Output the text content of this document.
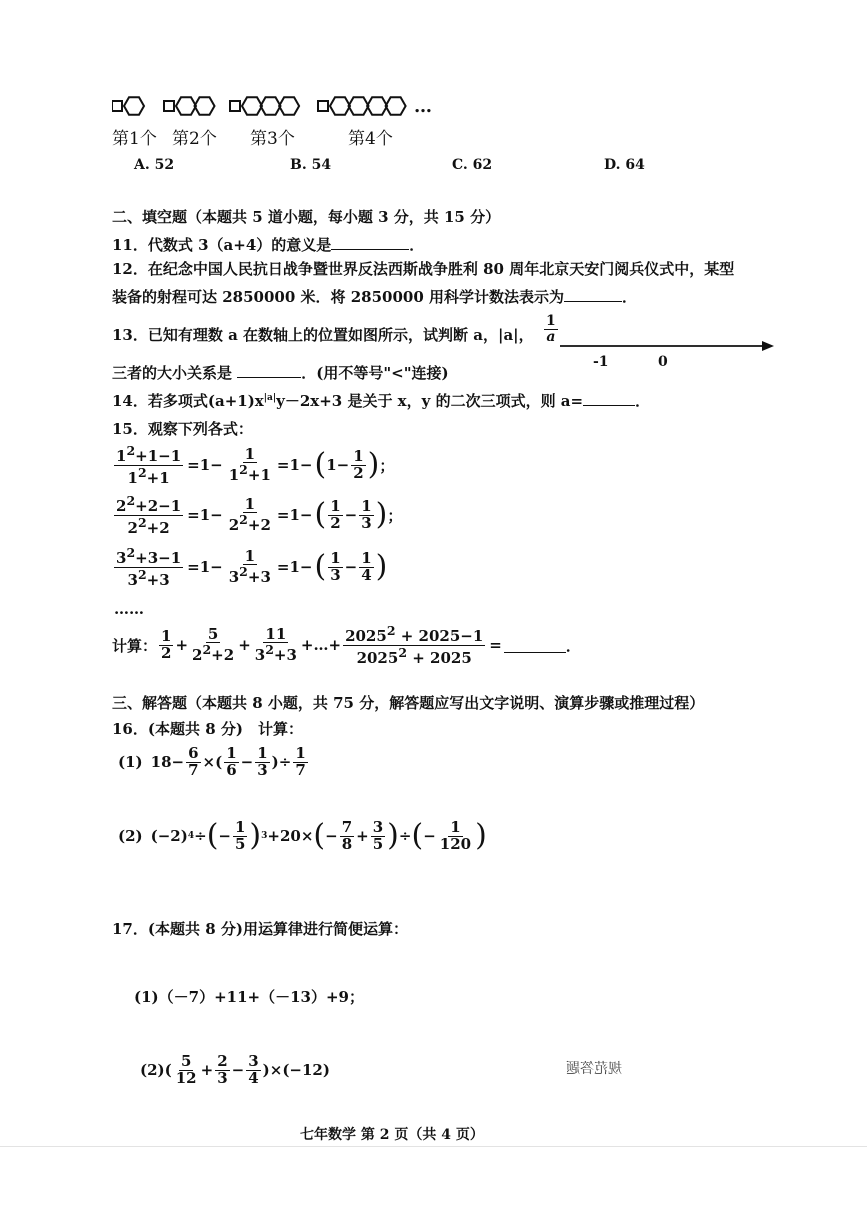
…
第1个 第2个 第3个	第4个
A. 52	B. 54	C. 62	D. 64
二、填空题（本题共 5 道小题，每小题 3 分，共 15 分）
11．代数式 3（a+4）的意义是	．
12．在纪念中国人民抗日战争暨世界反法西斯战争胜利 80 周年北京天安门阅兵仪式中，某型
装备的射程可达 2850000 米．将 2850000 用科学计数法表示为	．
13．已知有理数 a 在数轴上的位置如图所示，试判断 a，|a|， $\frac{1}{a}$
-1	0
三者的大小关系是	．(用不等号"<"连接)
14．若多项式$(a+1)x^{|a|}y-2x+3$ 是关于 x，y 的二次三项式，则 a=	．
15．观察下列各式：
$\frac{1^2+1-1}{1^2+1} =1- \frac{1}{1^2+1} =1-$ ( $1- \frac{1}{2}$ ) ；
$\frac{2^2+2-1}{2^2+2} =1- \frac{1}{2^2+2} =1-$ ( $\frac{1}{2} - \frac{1}{3}$ ) ；
$\frac{3^2+3-1}{3^2+3} =1- \frac{1}{3^2+3} =1-$ ( $\frac{1}{3} - \frac{1}{4}$ )
……
计算： $\frac{1}{2} + \frac{5}{2^2+2} + \frac{11}{3^2+3}$ +…+ $\frac{2025^2 + 2025-1}{2025^2 + 2025}$ =	．
三、解答题（本题共 8 小题，共 75 分，解答题应写出文字说明、演算步骤或推理过程）
16．(本题共 8 分)　计算：
(1) $18- \frac{6}{7}$ ×( $\frac{1}{6} - \frac{1}{3}$ )÷ $\frac{1}{7}$
(2) (−2) 4 ÷ ( − $\frac{1}{5}$ ) 3 +20× ( − $\frac{7}{8} + \frac{3}{5}$ ) ÷ ( − $\frac{1}{120}$ )
17．(本题共 8 分)用运算律进行简便运算：
(1)（－7）+11+（－13）+9；
(2) ( $\frac{5}{12} + \frac{2}{3} - \frac{3}{4} )\times(-12)$	规范答题
七年数学 第 2 页（共 4 页）
